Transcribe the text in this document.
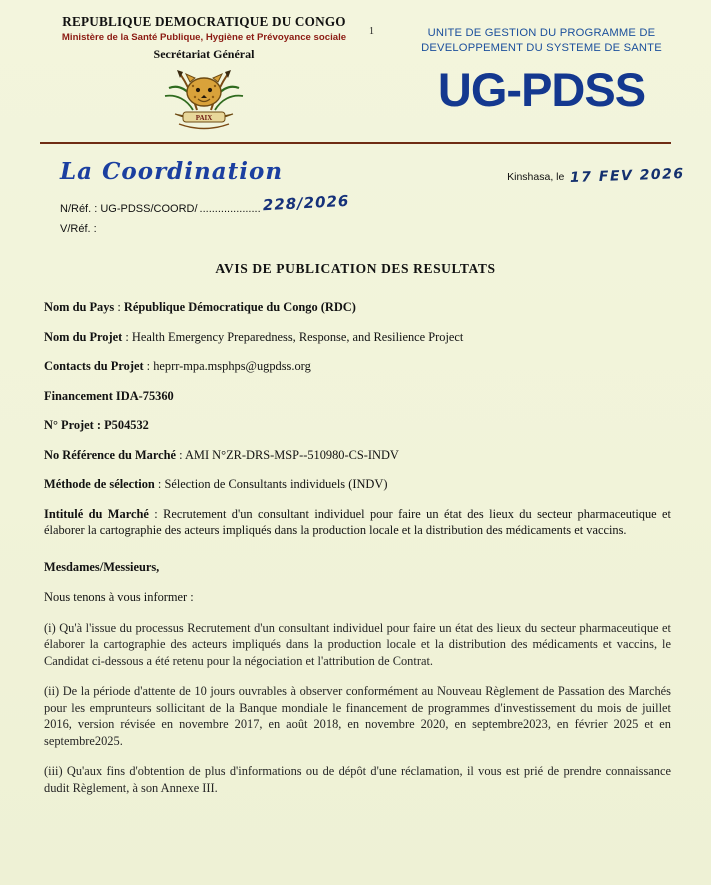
1
REPUBLIQUE DEMOCRATIQUE DU CONGO
Ministère de la Santé Publique, Hygiène et Prévoyance sociale
Secrétariat Général
PAIX
UNITE DE GESTION DU PROGRAMME DE
DEVELOPPEMENT DU SYSTEME DE SANTE
UG-PDSS
La Coordination	Kinshasa, le 17 FEV 2026
N/Réf. : UG-PDSS/COORD/ .................... 228/2026
V/Réf. :
AVIS DE PUBLICATION DES RESULTATS
Nom du Pays : République Démocratique du Congo (RDC)
Nom du Projet : Health Emergency Preparedness, Response, and Resilience Project
Contacts du Projet : heprr-mpa.msphps@ugpdss.org
Financement IDA-75360
N° Projet : P504532
No Référence du Marché : AMI N°ZR-DRS-MSP--510980-CS-INDV
Méthode de sélection : Sélection de Consultants individuels (INDV)
Intitulé du Marché : Recrutement d'un consultant individuel pour faire un état des lieux du secteur pharmaceutique et élaborer la cartographie des acteurs impliqués dans la production locale et la distribution des médicaments et vaccins.
Mesdames/Messieurs,
Nous tenons à vous informer :
(i) Qu'à l'issue du processus Recrutement d'un consultant individuel pour faire un état des lieux du secteur pharmaceutique et élaborer la cartographie des acteurs impliqués dans la production locale et la distribution des médicaments et vaccins, le Candidat ci-dessous a été retenu pour la négociation et l'attribution de Contrat.
(ii) De la période d'attente de 10 jours ouvrables à observer conformément au Nouveau Règlement de Passation des Marchés pour les emprunteurs sollicitant de la Banque mondiale le financement de programmes d'investissement du mois de juillet 2016, version révisée en novembre 2017, en août 2018, en novembre 2020, en septembre2023, en février 2025 et en septembre2025.
(iii) Qu'aux fins d'obtention de plus d'informations ou de dépôt d'une réclamation, il vous est prié de prendre connaissance dudit Règlement, à son Annexe III.
